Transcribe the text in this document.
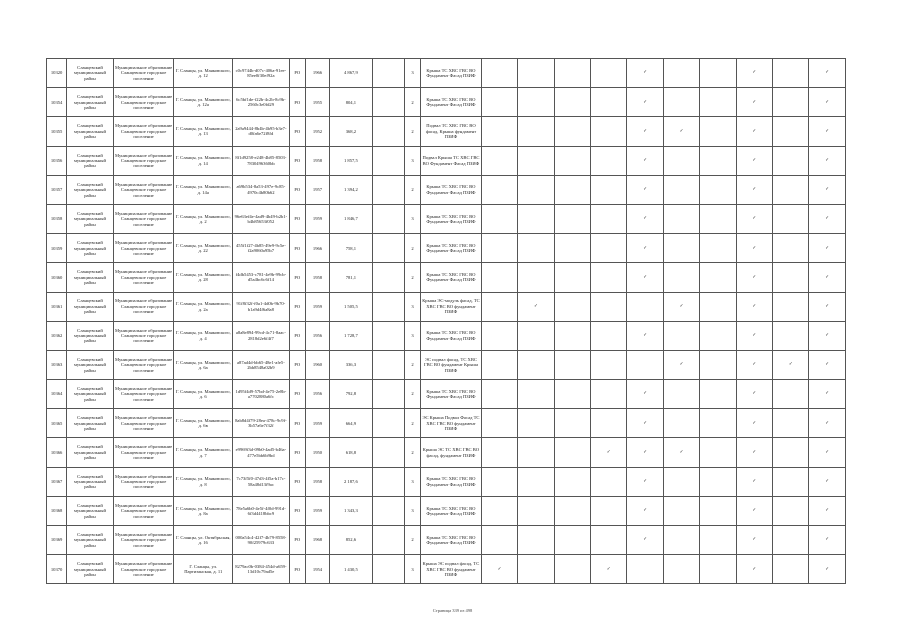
10320	Сланцевский муниципальный район	Муниципальное образование Сланцевское городское поселение	Г. Сланцы, ул. Маяковского, д. 12	c0c9744b-d07c-406a-91ee-85ee0f30ef92a	PO	1966	4 867,9		3	Крыша ТС ХВС ГВС ВО Фундамент Фасад ПЗИФ					✓			✓		✓
10354	Сланцевский муниципальный район	Муниципальное образование Сланцевское городское поселение	Г. Сланцы, ул. Маяковского, д. 12а	6c5bf1de-f22b-4c2b-8c9b-2560c3e0fd29	PO	1955	804,1		2	Крыша ТС ХВС ГВС ВО Фундамент Фасад ПЗИФ					✓			✓		✓
10355	Сланцевский муниципальный район	Муниципальное образование Сланцевское городское поселение	Г. Сланцы, ул. Маяковского, д. 13	2a9a9444-8b4b-4b95-b3e7-d0fa6e72f8fd	PO	1952	368,2		2	Подвал ТС ХВС ГВС ВО фасад, Крыша фундамент ПЗИФ					✓	✓		✓		✓
10356	Сланцевский муниципальный район	Муниципальное образование Сланцевское городское поселение	Г. Сланцы, ул. Маяковского, д. 14	8f1d9258-e248-4b85-8503-7830496360bb	PO	1958	1 857,5		3	Подвал Крыша ТС ХВС ГВС ВО Фундамент Фасад ПЗИФ					✓			✓		✓
10357	Сланцевский муниципальный район	Муниципальное образование Сланцевское городское поселение	Г. Сланцы, ул. Маяковского, д. 14а	a69b534-8a53-497e-9c85-4970c4b80b62	PO	1957	1 394,2		2	Крыша ТС ХВС ГВС ВО Фундамент Фасад ПЗИФ					✓			✓		✓
10358	Сланцевский муниципальный район	Муниципальное образование Сланцевское городское поселение	Г. Сланцы, ул. Маяковского, д. 2	96e63ef4e-4ad9-4b49-b2b1-b4b85653f052	PO	1959	1 846,7		3	Крыша ТС ХВС ГВС ВО Фундамент Фасад ПЗИФ					✓			✓		✓
10359	Сланцевский муниципальный район	Муниципальное образование Сланцевское городское поселение	Г. Сланцы, ул. Маяковского, д. 22	455f1f27-4b85-49e9-9c5e-f2a9060a95b7	PO	1966	758,1		2	Крыша ТС ХВС ГВС ВО Фундамент Фасад ПЗИФ					✓			✓		✓
10360	Сланцевский муниципальный район	Муниципальное образование Сланцевское городское поселение	Г. Сланцы, ул. Маяковского, д. 28	f4db5453-c781-4e9b-99cb-d5a4bc6c6f14	PO	1958	781,1		2	Крыша ТС ХВС ГВС ВО Фундамент Фасад ПЗИФ					✓			✓		✓
10361	Сланцевский муниципальный район	Муниципальное образование Сланцевское городское поселение	Г. Сланцы, ул. Маяковского, д. 2а	91f8f32f-f0a1-4d0b-9b70-b1a9d4f6a8a8	PO	1959	1 505,5		3	Крыша ЭС-модуль фасад, ТС ХВС ГВС ВО фундамент ПЗИФ		✓				✓		✓		✓
10362	Сланцевский муниципальный район	Муниципальное образование Сланцевское городское поселение	Г. Сланцы, ул. Маяковского, д. 4	a8a8e894-99cd-4c71-8aac-2818d2e6f4f7	PO	1956	1 728,7		3	Крыша ТС ХВС ГВС ВО Фундамент Фасад ПЗИФ					✓			✓		✓
10363	Сланцевский муниципальный район	Муниципальное образование Сланцевское городское поселение	Г. Сланцы, ул. Маяковского, д. 6а	a87ad4d-bb65-48e1-afe5-2bb8548a02b9	PO	1960	336,3		2	ЭС подвал фасад, ТС ХВС ГВС ВО фундамент Крыша ПЗИФ						✓		✓	✓	✓
10364	Сланцевский муниципальный район	Муниципальное образование Сланцевское городское поселение	Г. Сланцы, ул. Маяковского, д. 6	1d95f4d9-57bd-4e75-2e8b-a7702880a6fc	PO	1956	792,8		2	Крыша ТС ХВС ГВС ВО Фундамент Фасад ПЗИФ					✓			✓		✓
10365	Сланцевский муниципальный район	Муниципальное образование Сланцевское городское поселение	Г. Сланцы, ул. Маяковского, д. 6в	8ab8d4f79-28ea-478c-9c9f-3b57a6e7f32f	PO	1959	664,9		2	ЭС Крыша Подвал Фасад ТС ХВС ГВС ВО фундамент ПЗИФ					✓			✓		✓
10366	Сланцевский муниципальный район	Муниципальное образование Сланцевское городское поселение	Г. Сланцы, ул. Маяковского, д. 7	e9969f3d-09b0-4ad5-b46a-477e5bb6b9bd	PO	1950	618,8		2	Крыша ЭС ТС ХВС ГВС ВО фасад, фундамент ПЗИФ				✓	✓	✓		✓		✓
10367	Сланцевский муниципальный район	Муниципальное образование Сланцевское городское поселение	Г. Сланцы, ул. Маяковского, д. 8	7c73f5f0-47d3-4f5a-b17c-58a48d13f9ac	PO	1958	2 187,6		3	Крыша ТС ХВС ГВС ВО Фундамент Фасад ПЗИФ					✓			✓		✓
10368	Сланцевский муниципальный район	Муниципальное образование Сланцевское городское поселение	Г. Сланцы, ул. Маяковского, д. 8а	78e5a6b0-4e5f-4f0d-991d-6f3d4418bbc9	PO	1959	1 343,3		3	Крыша ТС ХВС ГВС ВО Фундамент Фасад ПЗИФ					✓			✓		✓
10369	Сланцевский муниципальный район	Муниципальное образование Сланцевское городское поселение	Г. Сланцы, ул. Октябрьская, д. 16	000a54c4-42f7-4b79-8558-90f25979c633	PO	1968	852,6		2	Крыша ТС ХВС ГВС ВО Фундамент Фасад ПЗИФ					✓			✓		✓
10370	Сланцевский муниципальный район	Муниципальное образование Сланцевское городское поселение	Г. Сланцы, ул. Партизанская, д. 11	8279ac0b-0384-454d-a659-13d10c79ad5e	PO	1954	1 430,5		3	Крыша ЭС подвал фасад, ТС ХВС ГВС ВО фундамент ПЗИФ	✓			✓				✓		✓
Страница 339 из 498
